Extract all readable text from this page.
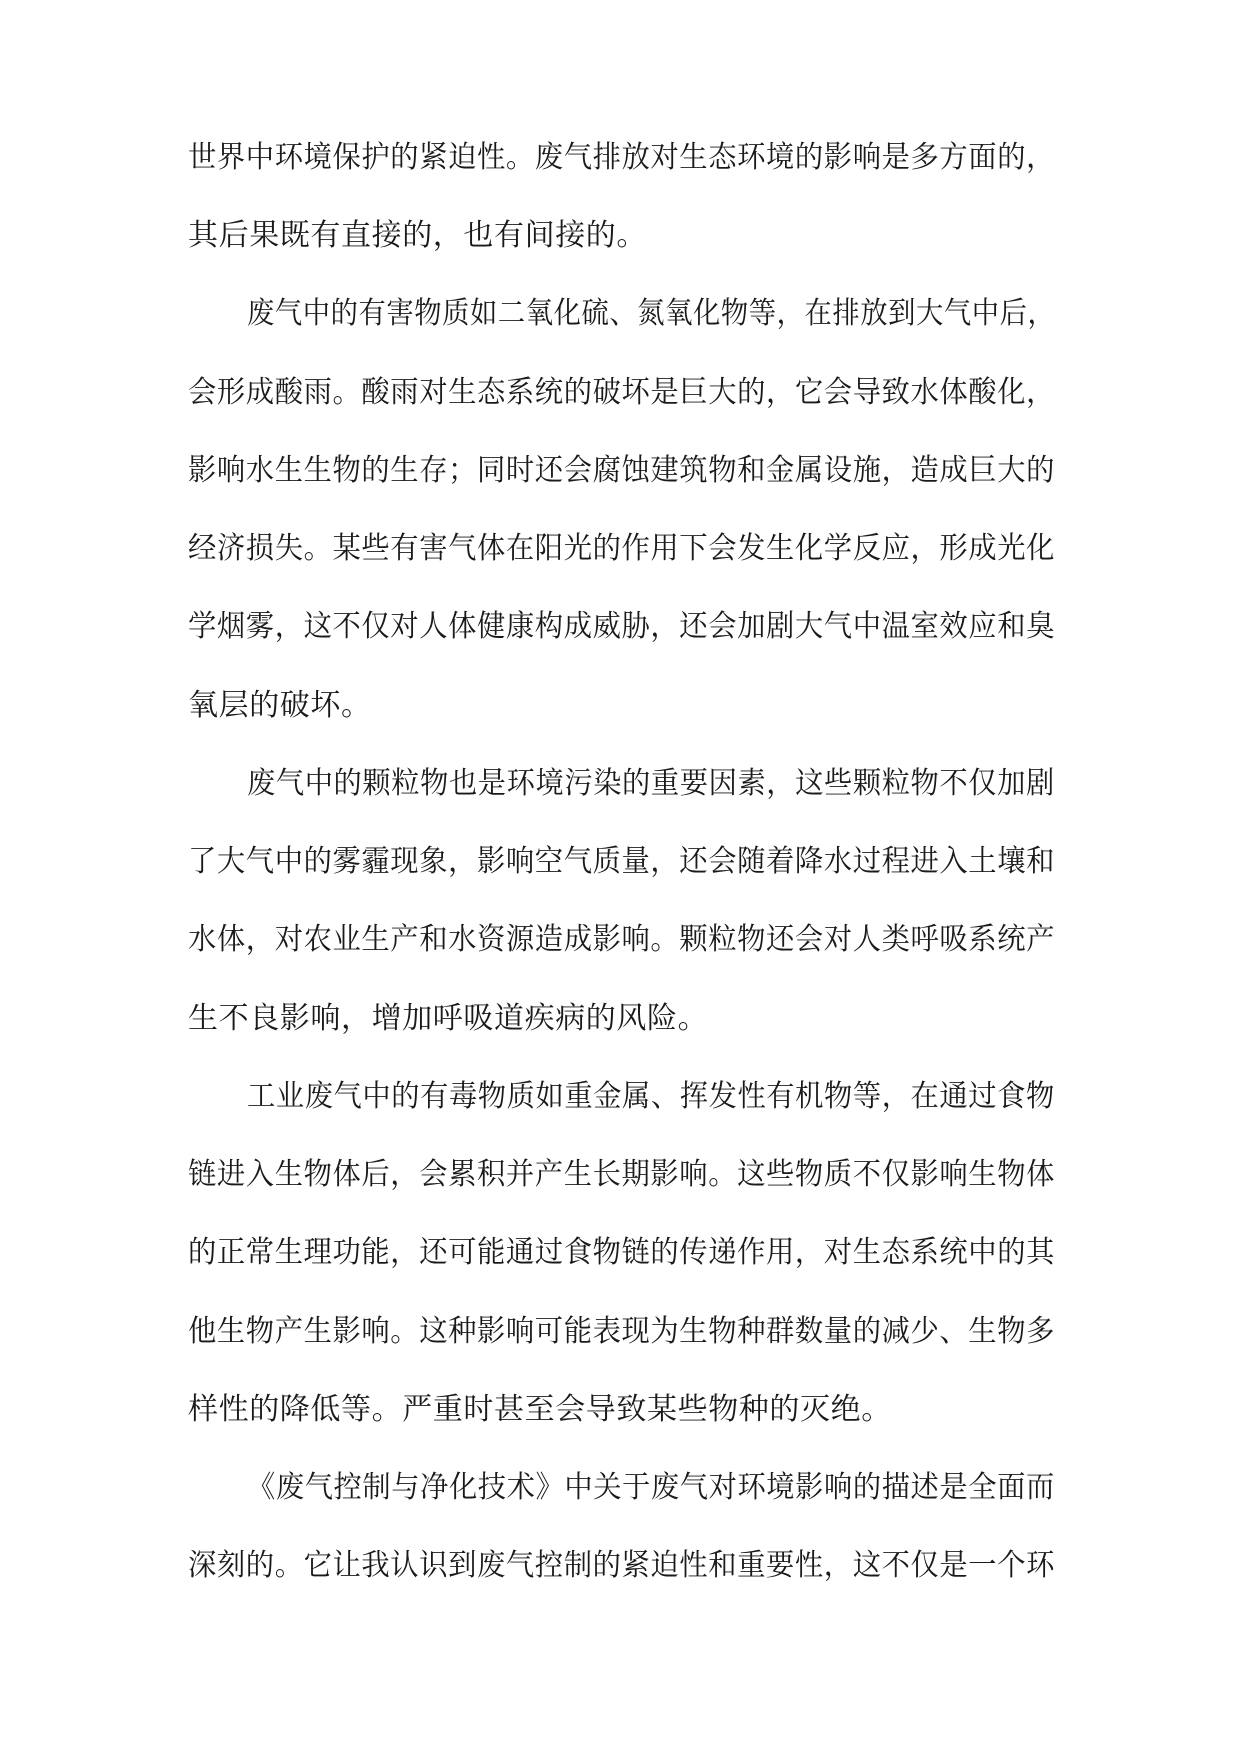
世界中环境保护的紧迫性。废气排放对生态环境的影响是多方面的，
其后果既有直接的，也有间接的。
废气中的有害物质如二氧化硫、氮氧化物等，在排放到大气中后，
会形成酸雨。酸雨对生态系统的破坏是巨大的，它会导致水体酸化，
影响水生生物的生存；同时还会腐蚀建筑物和金属设施，造成巨大的
经济损失。某些有害气体在阳光的作用下会发生化学反应，形成光化
学烟雾，这不仅对人体健康构成威胁，还会加剧大气中温室效应和臭
氧层的破坏。
废气中的颗粒物也是环境污染的重要因素，这些颗粒物不仅加剧
了大气中的雾霾现象，影响空气质量，还会随着降水过程进入土壤和
水体，对农业生产和水资源造成影响。颗粒物还会对人类呼吸系统产
生不良影响，增加呼吸道疾病的风险。
工业废气中的有毒物质如重金属、挥发性有机物等，在通过食物
链进入生物体后，会累积并产生长期影响。这些物质不仅影响生物体
的正常生理功能，还可能通过食物链的传递作用，对生态系统中的其
他生物产生影响。这种影响可能表现为生物种群数量的减少、生物多
样性的降低等。严重时甚至会导致某些物种的灭绝。
《废气控制与净化技术》中关于废气对环境影响的描述是全面而
深刻的。它让我认识到废气控制的紧迫性和重要性，这不仅是一个环
